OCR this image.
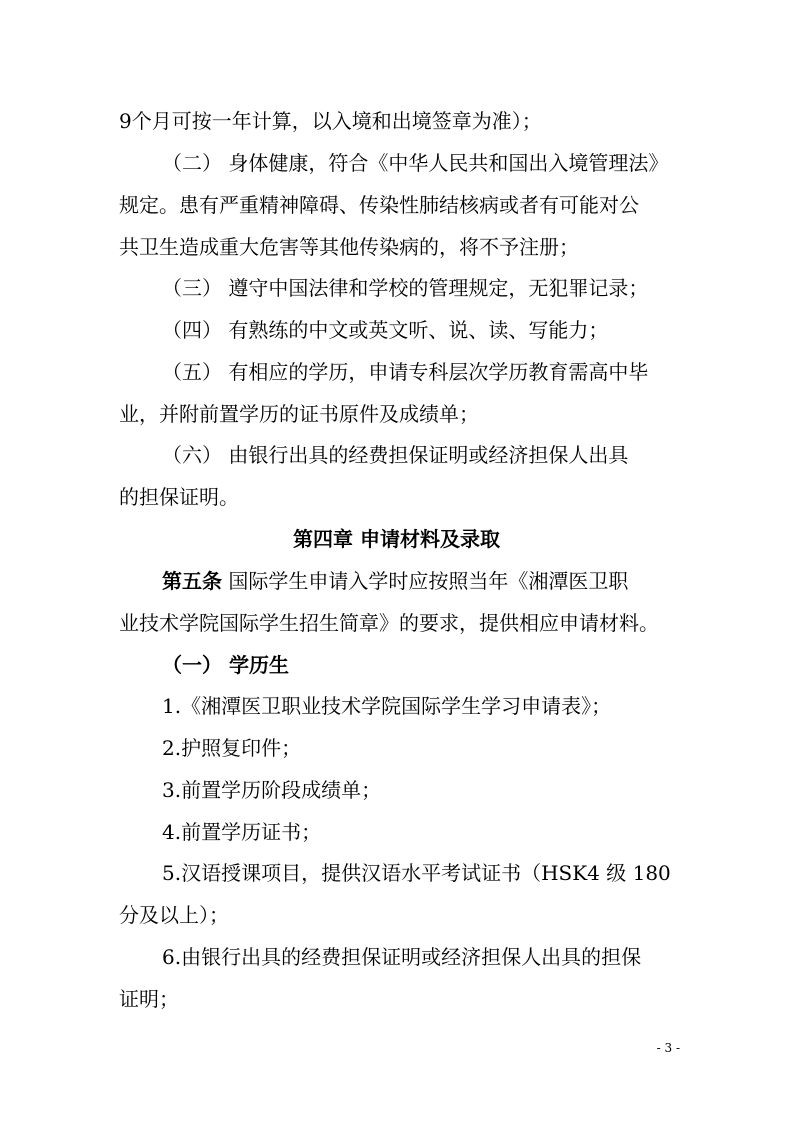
9个月可按一年计算，以入境和出境签章为准）；
（二） 身体健康，符合《中华人民共和国出入境管理法》
规定。患有严重精神障碍、传染性肺结核病或者有可能对公
共卫生造成重大危害等其他传染病的，将不予注册；
（三） 遵守中国法律和学校的管理规定，无犯罪记录；
（四） 有熟练的中文或英文听、说、读、写能力；
（五） 有相应的学历，申请专科层次学历教育需高中毕
业，并附前置学历的证书原件及成绩单；
（六） 由银行出具的经费担保证明或经济担保人出具
的担保证明。
第四章 申请材料及录取
第五条 国际学生申请入学时应按照当年《湘潭医卫职
业技术学院国际学生招生简章》的要求，提供相应申请材料。
（一） 学历生
1.《湘潭医卫职业技术学院国际学生学习申请表》；
2.护照复印件；
3.前置学历阶段成绩单；
4.前置学历证书；
5.汉语授课项目，提供汉语水平考试证书（HSK4 级 180
分及以上）；
6.由银行出具的经费担保证明或经济担保人出具的担保
证明；
- 3 -
